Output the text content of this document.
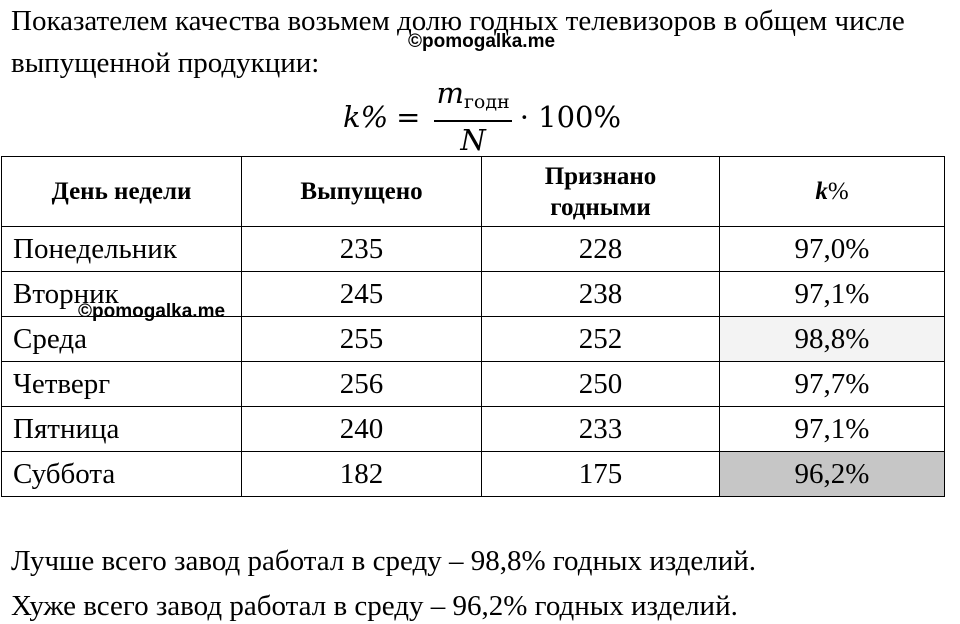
Показателем качества возьмем долю годных телевизоров в общем числе выпущенной продукции:
©pomogalka.me
$k\% = \frac{m_{годн}}{N} \cdot 100\%$
День недели	Выпущено	Признано годными	k%
Понедельник	235	228	97,0%
Вторник	245	238	97,1%
Среда	255	252	98,8%
Четверг	256	250	97,7%
Пятница	240	233	97,1%
Суббота	182	175	96,2%
©pomogalka.me
Лучше всего завод работал в среду – 98,8% годных изделий.
Хуже всего завод работал в среду – 96,2% годных изделий.
